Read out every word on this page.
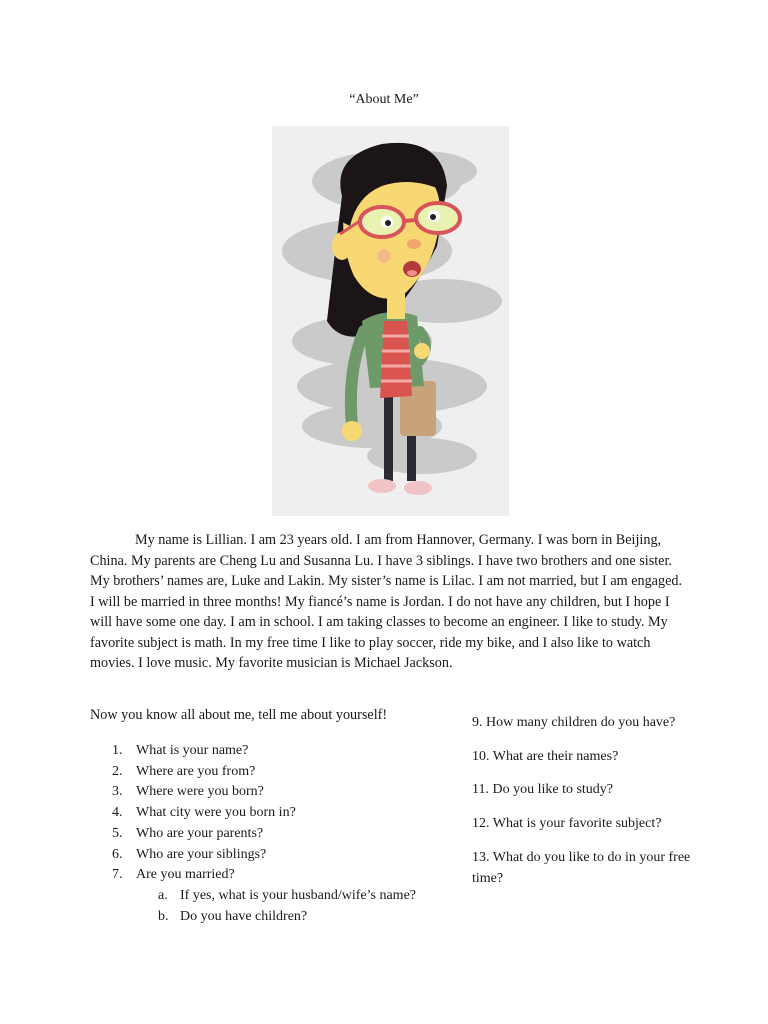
“About Me”
My name is Lillian. I am 23 years old. I am from Hannover, Germany. I was born in Beijing, China. My parents are Cheng Lu and Susanna Lu. I have 3 siblings. I have two brothers and one sister. My brothers’ names are, Luke and Lakin. My sister’s name is Lilac. I am not married, but I am engaged. I will be married in three months! My fiancé’s name is Jordan. I do not have any children, but I hope I will have some one day. I am in school. I am taking classes to become an engineer. I like to study. My favorite subject is math. In my free time I like to play soccer, ride my bike, and I also like to watch movies. I love music. My favorite musician is Michael Jackson.
Now you know all about me, tell me about yourself!
1. What is your name?
2. Where are you from?
3. Where were you born?
4. What city were you born in?
5. Who are your parents?
6. Who are your siblings?
7. Are you married?
a. If yes, what is your husband/wife’s name?
b. Do you have children?
9. How many children do you have?
10. What are their names?
11. Do you like to study?
12. What is your favorite subject?
13. What do you like to do in your free time?
